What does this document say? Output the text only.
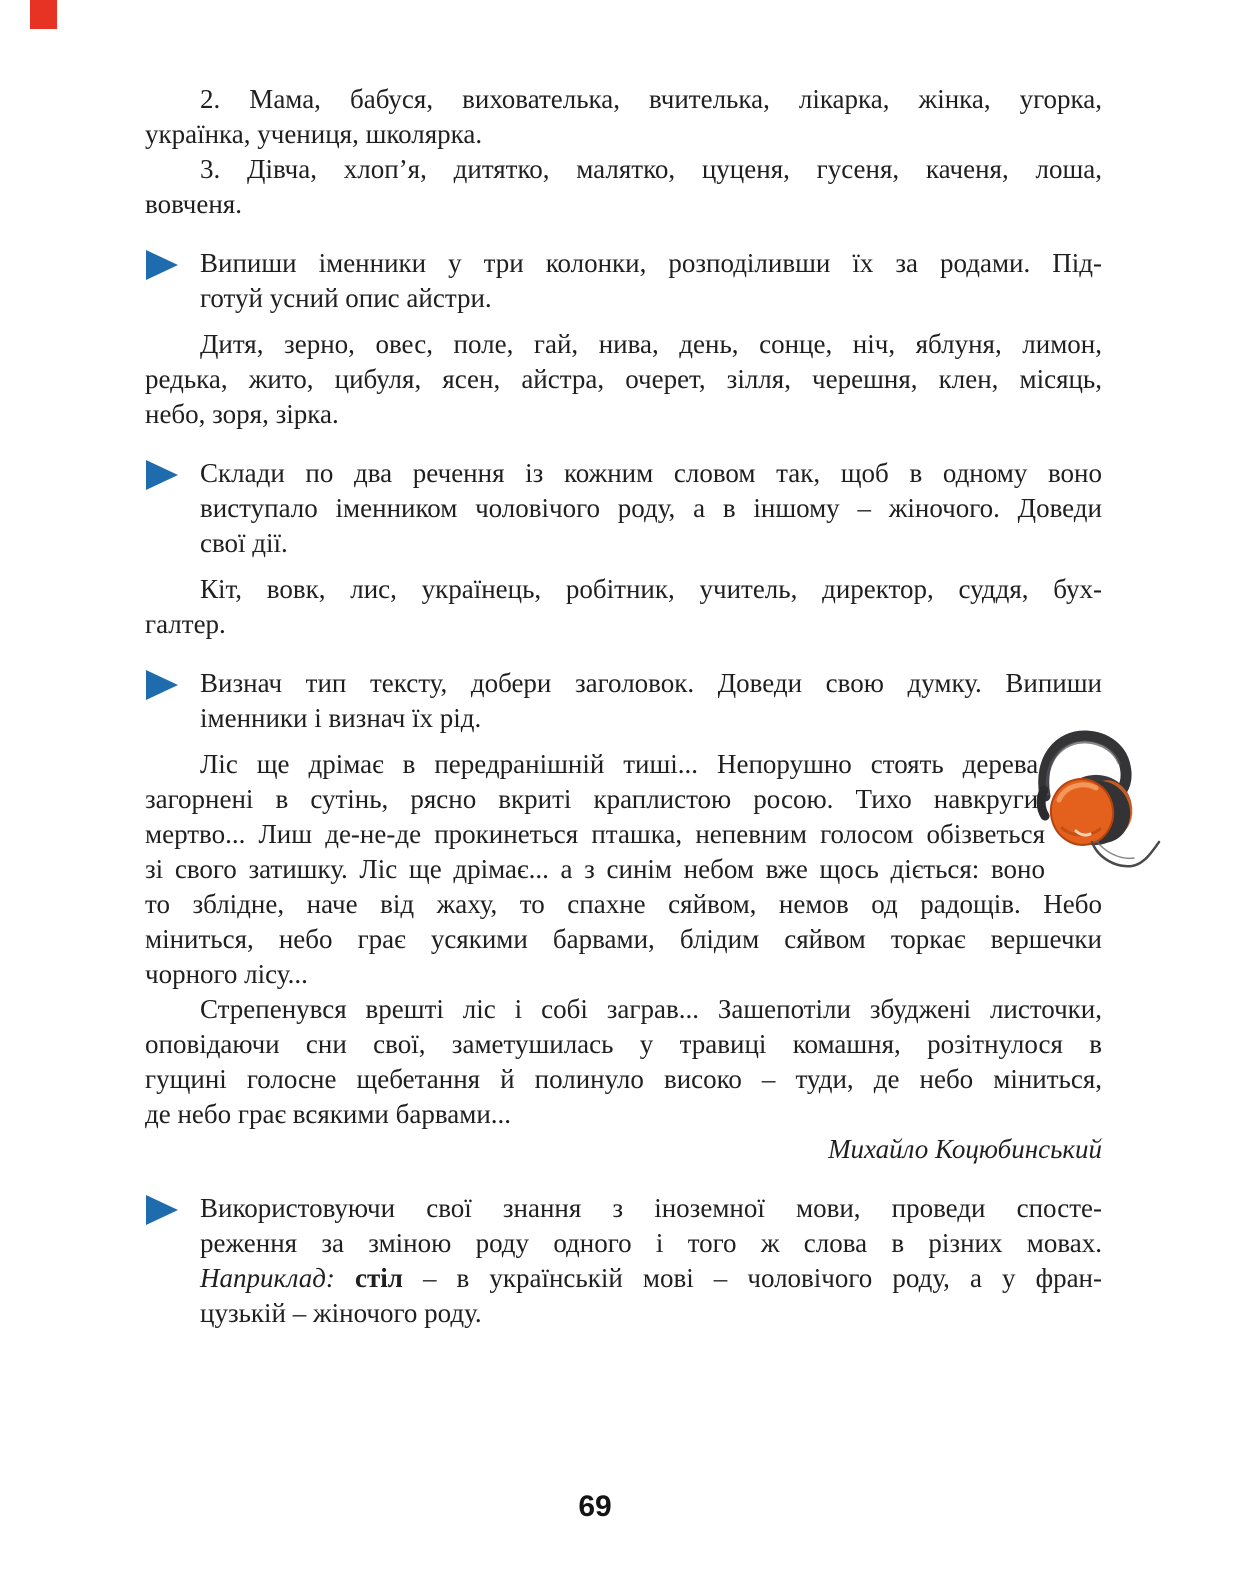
2. Мама, бабуся, вихователька, вчителька, лікарка, жінка, угорка,
українка, учениця, школярка.
3. Дівча, хлоп’я, дитятко, малятко, цуценя, гусеня, каченя, лоша,
вовченя.
Випиши іменники у три колонки, розподіливши їх за родами. Під-
готуй усний опис айстри.
Дитя, зерно, овес, поле, гай, нива, день, сонце, ніч, яблуня, лимон,
редька, жито, цибуля, ясен, айстра, очерет, зілля, черешня, клен, місяць,
небо, зоря, зірка.
Склади по два речення із кожним словом так, щоб в одному воно
виступало іменником чоловічого роду, а в іншому – жіночого. Доведи
свої дії.
Кіт, вовк, лис, українець, робітник, учитель, директор, суддя, бух-
галтер.
Визнач тип тексту, добери заголовок. Доведи свою думку. Випиши
іменники і визнач їх рід.
Ліс ще дрімає в передранішній тиші... Непорушно стоять дерева,
загорнені в сутінь, рясно вкриті краплистою росою. Тихо навкруги,
мертво... Лиш де-не-де прокинеться пташка, непевним голосом обізветься
зі свого затишку. Ліс ще дрімає... а з синім небом вже щось діється: воно
то зблідне, наче від жаху, то спахне сяйвом, немов од радощів. Небо
міниться, небо грає усякими барвами, блідим сяйвом торкає вершечки
чорного лісу...
Стрепенувся врешті ліс і собі заграв... Зашепотіли збуджені листочки,
оповідаючи сни свої, заметушилась у травиці комашня, розітнулося в
гущині голосне щебетання й полинуло високо – туди, де небо міниться,
де небо грає всякими барвами...
Михайло Коцюбинський
Використовуючи свої знання з іноземної мови, проведи спосте-
реження за зміною роду одного і того ж слова в різних мовах.
Наприклад: стіл – в українській мові – чоловічого роду, а у фран-
цузькій – жіночого роду.
69
